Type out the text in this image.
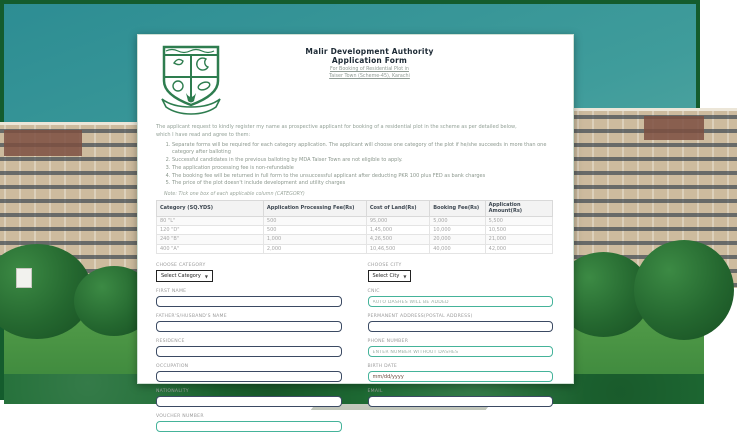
Malir Development Authority
Application Form
For Booking of Residential Plot in
Taiser Town (Scheme-45), Karachi
The applicant request to kindly register my name as prospective applicant for booking of a residential plot in the scheme as per detailed below,
which I have read and agree to them:
1. Separate forms will be required for each category application. The applicant will choose one category of the plot if he/she succeeds in more than one category after balloting
2. Successful candidates in the previous balloting by MDA Taiser Town are not eligible to apply.
3. The application processing fee is non-refundable
4. The booking fee will be returned in full form to the unsuccessful applicant after deducting PKR 100 plus FED as bank charges
5. The price of the plot doesn't include development and utility charges
Note: Tick one box of each applicable column (CATEGORY)
Category (SQ.YDS)	Application Processing Fee(Rs)	Cost of Land(Rs)	Booking Fee(Rs)	Application Amount(Rs)
80 "L"	500	95,000	5,000	5,500
120 "D"	500	1,45,000	10,000	10,500
240 "B"	1,000	4,26,500	20,000	21,000
400 "A"	2,000	10,46,500	40,000	42,000
CHOOSE CATEGORY
Select Category ▼
CHOOSE CITY
Select City ▼
FIRST NAME	CNIC
AUTO DASHES WILL BE ADDED
FATHER'S/HUSBAND'S NAME	PERMANENT ADDRESS(POSTAL ADDRESS)
RESIDENCE	PHONE NUMBER
ENTER NUMBER WITHOUT DASHES
OCCUPATION	BIRTH DATE
mm/dd/yyyy
NATIONALITY	EMAIL
VOUCHER NUMBER
